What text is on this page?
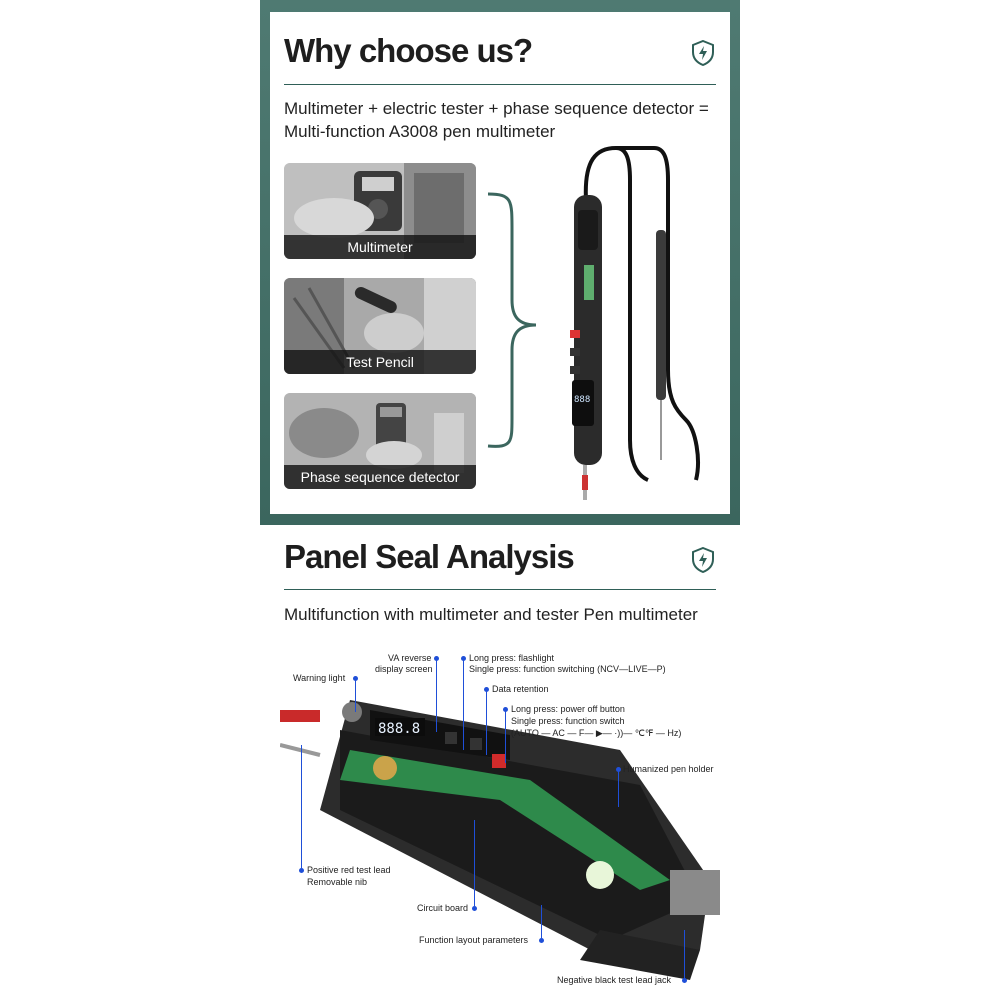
Why choose us?
Multimeter + electric tester + phase sequence detector =
Multi-function A3008 pen multimeter
Multimeter
Test Pencil
Phase sequence detector
888
Panel Seal Analysis
Multifunction with multimeter and tester Pen multimeter
888.8
VA reverse
display screen
Warning light
Long press: flashlight
Single press: function switching (NCV—LIVE—P)
Data retention
Long press: power off button
Single press: function switch
(AUTO — AC — F— ▶— ·))— ℃℉ — Hz)
Humanized pen holder
Positive red test lead
Removable nib
Circuit board
Function layout parameters
Negative black test lead jack
